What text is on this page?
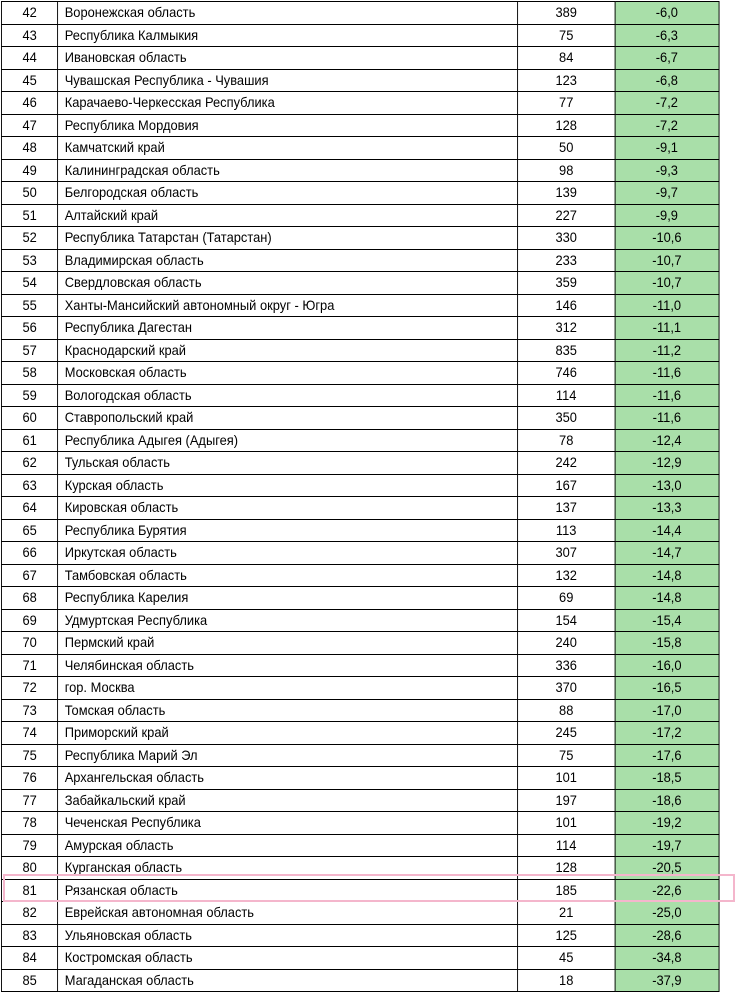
42	Воронежская область	389	-6,0
43	Республика Калмыкия	75	-6,3
44	Ивановская область	84	-6,7
45	Чувашская Республика - Чувашия	123	-6,8
46	Карачаево-Черкесская Республика	77	-7,2
47	Республика Мордовия	128	-7,2
48	Камчатский край	50	-9,1
49	Калининградская область	98	-9,3
50	Белгородская область	139	-9,7
51	Алтайский край	227	-9,9
52	Республика Татарстан (Татарстан)	330	-10,6
53	Владимирская область	233	-10,7
54	Свердловская область	359	-10,7
55	Ханты-Мансийский автономный округ - Югра	146	-11,0
56	Республика Дагестан	312	-11,1
57	Краснодарский край	835	-11,2
58	Московская область	746	-11,6
59	Вологодская область	114	-11,6
60	Ставропольский край	350	-11,6
61	Республика Адыгея (Адыгея)	78	-12,4
62	Тульская область	242	-12,9
63	Курская область	167	-13,0
64	Кировская область	137	-13,3
65	Республика Бурятия	113	-14,4
66	Иркутская область	307	-14,7
67	Тамбовская область	132	-14,8
68	Республика Карелия	69	-14,8
69	Удмуртская Республика	154	-15,4
70	Пермский край	240	-15,8
71	Челябинская область	336	-16,0
72	гор. Москва	370	-16,5
73	Томская область	88	-17,0
74	Приморский край	245	-17,2
75	Республика Марий Эл	75	-17,6
76	Архангельская область	101	-18,5
77	Забайкальский край	197	-18,6
78	Чеченская Республика	101	-19,2
79	Амурская область	114	-19,7
80	Курганская область	128	-20,5
81	Рязанская область	185	-22,6
82	Еврейская автономная область	21	-25,0
83	Ульяновская область	125	-28,6
84	Костромская область	45	-34,8
85	Магаданская область	18	-37,9
